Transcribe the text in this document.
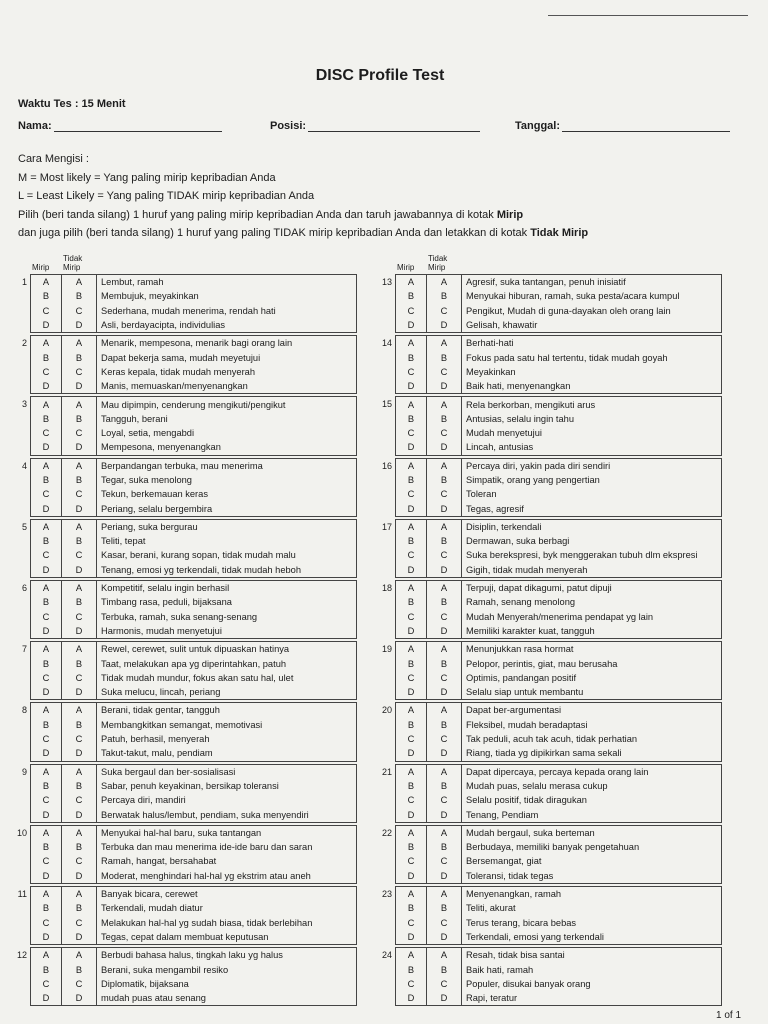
DISC Profile Test
Waktu Tes : 15 Menit
Nama:	Posisi:	Tanggal:
Cara Mengisi :
M = Most likely = Yang paling mirip kepribadian Anda
L = Least Likely = Yang paling TIDAK mirip kepribadian Anda
Pilih (beri tanda silang) 1 huruf yang paling mirip kepribadian Anda dan taruh jawabannya di kotak Mirip
dan juga pilih (beri tanda silang) 1 huruf yang paling TIDAK mirip kepribadian Anda dan letakkan di kotak Tidak Mirip
Mirip
Tidak
Mirip
1	A	A	Lembut, ramah
B	B	Membujuk, meyakinkan
C	C	Sederhana, mudah menerima, rendah hati
D	D	Asli, berdayacipta, individulias
2	A	A	Menarik, mempesona, menarik bagi orang lain
B	B	Dapat bekerja sama, mudah meyetujui
C	C	Keras kepala, tidak mudah menyerah
D	D	Manis, memuaskan/menyenangkan
3	A	A	Mau dipimpin, cenderung mengikuti/pengikut
B	B	Tangguh, berani
C	C	Loyal, setia, mengabdi
D	D	Mempesona, menyenangkan
4	A	A	Berpandangan terbuka, mau menerima
B	B	Tegar, suka menolong
C	C	Tekun, berkemauan keras
D	D	Periang, selalu bergembira
5	A	A	Periang, suka bergurau
B	B	Teliti, tepat
C	C	Kasar, berani, kurang sopan, tidak mudah malu
D	D	Tenang, emosi yg terkendali, tidak mudah heboh
6	A	A	Kompetitif, selalu ingin berhasil
B	B	Timbang rasa, peduli, bijaksana
C	C	Terbuka, ramah, suka senang-senang
D	D	Harmonis, mudah menyetujui
7	A	A	Rewel, cerewet, sulit untuk dipuaskan hatinya
B	B	Taat, melakukan apa yg diperintahkan, patuh
C	C	Tidak mudah mundur, fokus akan satu hal, ulet
D	D	Suka melucu, lincah, periang
8	A	A	Berani, tidak gentar, tangguh
B	B	Membangkitkan semangat, memotivasi
C	C	Patuh, berhasil, menyerah
D	D	Takut-takut, malu, pendiam
9	A	A	Suka bergaul dan ber-sosialisasi
B	B	Sabar, penuh keyakinan, bersikap toleransi
C	C	Percaya diri, mandiri
D	D	Berwatak halus/lembut, pendiam, suka menyendiri
10	A	A	Menyukai hal-hal baru, suka tantangan
B	B	Terbuka dan mau menerima ide-ide baru dan saran
C	C	Ramah, hangat, bersahabat
D	D	Moderat, menghindari hal-hal yg ekstrim atau aneh
11	A	A	Banyak bicara, cerewet
B	B	Terkendali, mudah diatur
C	C	Melakukan hal-hal yg sudah biasa, tidak berlebihan
D	D	Tegas, cepat dalam membuat keputusan
12	A	A	Berbudi bahasa halus, tingkah laku yg halus
B	B	Berani, suka mengambil resiko
C	C	Diplomatik, bijaksana
D	D	mudah puas atau senang
Mirip
Tidak
Mirip
13	A	A	Agresif, suka tantangan, penuh inisiatif
B	B	Menyukai hiburan, ramah, suka pesta/acara kumpul
C	C	Pengikut, Mudah di guna-dayakan oleh orang lain
D	D	Gelisah, khawatir
14	A	A	Berhati-hati
B	B	Fokus pada satu hal tertentu, tidak mudah goyah
C	C	Meyakinkan
D	D	Baik hati, menyenangkan
15	A	A	Rela berkorban, mengikuti arus
B	B	Antusias, selalu ingin tahu
C	C	Mudah menyetujui
D	D	Lincah, antusias
16	A	A	Percaya diri, yakin pada diri sendiri
B	B	Simpatik, orang yang pengertian
C	C	Toleran
D	D	Tegas, agresif
17	A	A	Disiplin, terkendali
B	B	Dermawan, suka berbagi
C	C	Suka berekspresi, byk menggerakan tubuh dlm ekspresi
D	D	Gigih, tidak mudah menyerah
18	A	A	Terpuji, dapat dikagumi, patut dipuji
B	B	Ramah, senang menolong
C	C	Mudah Menyerah/menerima pendapat yg lain
D	D	Memiliki karakter kuat, tangguh
19	A	A	Menunjukkan rasa hormat
B	B	Pelopor, perintis, giat, mau berusaha
C	C	Optimis, pandangan positif
D	D	Selalu siap untuk membantu
20	A	A	Dapat ber-argumentasi
B	B	Fleksibel, mudah beradaptasi
C	C	Tak peduli, acuh tak acuh, tidak perhatian
D	D	Riang, tiada yg dipikirkan sama sekali
21	A	A	Dapat dipercaya, percaya kepada orang lain
B	B	Mudah puas, selalu merasa cukup
C	C	Selalu positif, tidak diragukan
D	D	Tenang, Pendiam
22	A	A	Mudah bergaul, suka berteman
B	B	Berbudaya, memiliki banyak pengetahuan
C	C	Bersemangat, giat
D	D	Toleransi, tidak tegas
23	A	A	Menyenangkan, ramah
B	B	Teliti, akurat
C	C	Terus terang, bicara bebas
D	D	Terkendali, emosi yang terkendali
24	A	A	Resah, tidak bisa santai
B	B	Baik hati, ramah
C	C	Populer, disukai banyak orang
D	D	Rapi, teratur
1 of 1
